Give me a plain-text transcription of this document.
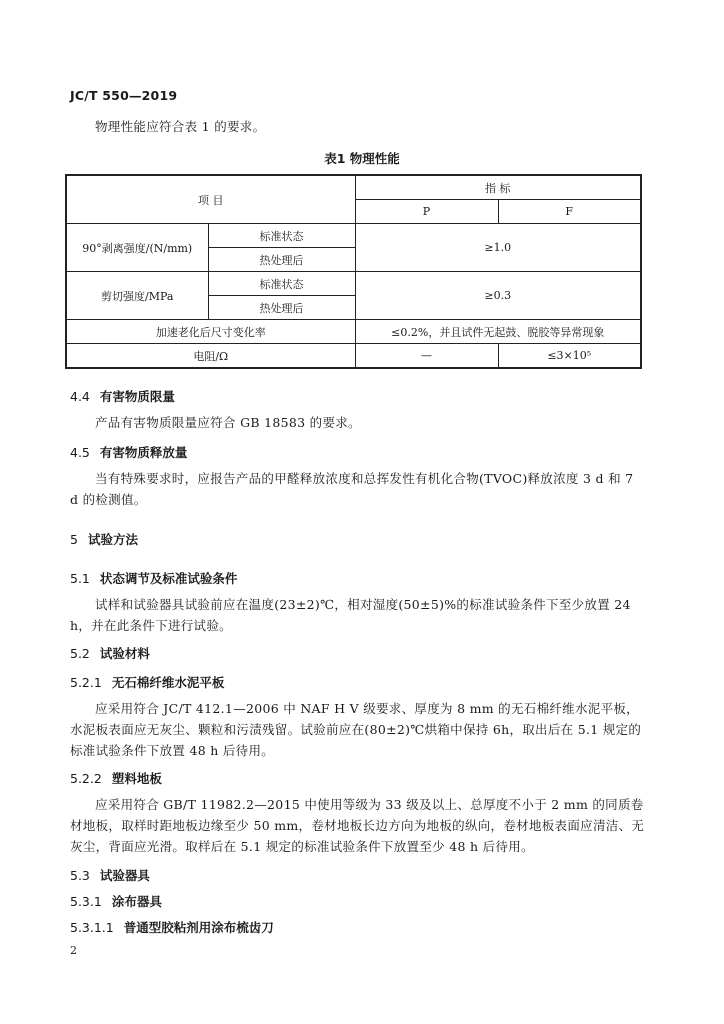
JC/T 550—2019
物理性能应符合表 1 的要求。
表1 物理性能
项 目		指 标	
		P	F
90°剥离强度/(N/mm)	标准状态	≥1.0	
	热处理后		
剪切强度/MPa	标准状态	≥0.3	
	热处理后		
加速老化后尺寸变化率		≤0.2%，并且试件无起鼓、脱胶等异常现象	
电阻/Ω		—	≤3×10⁵
4.4 有害物质限量
产品有害物质限量应符合 GB 18583 的要求。
4.5 有害物质释放量
当有特殊要求时，应报告产品的甲醛释放浓度和总挥发性有机化合物(TVOC)释放浓度 3 d 和 7 d 的检测值。
5 试验方法
5.1 状态调节及标准试验条件
试样和试验器具试验前应在温度(23±2)℃，相对湿度(50±5)%的标准试验条件下至少放置 24 h，并在此条件下进行试验。
5.2 试验材料
5.2.1 无石棉纤维水泥平板
应采用符合 JC/T 412.1—2006 中 NAF H V 级要求、厚度为 8 mm 的无石棉纤维水泥平板，水泥板表面应无灰尘、颗粒和污渍残留。试验前应在(80±2)℃烘箱中保持 6h，取出后在 5.1 规定的标准试验条件下放置 48 h 后待用。
5.2.2 塑料地板
应采用符合 GB/T 11982.2—2015 中使用等级为 33 级及以上、总厚度不小于 2 mm 的同质卷材地板，取样时距地板边缘至少 50 mm，卷材地板长边方向为地板的纵向，卷材地板表面应清洁、无灰尘，背面应光滑。取样后在 5.1 规定的标准试验条件下放置至少 48 h 后待用。
5.3 试验器具
5.3.1 涂布器具
5.3.1.1 普通型胶粘剂用涂布梳齿刀
2
